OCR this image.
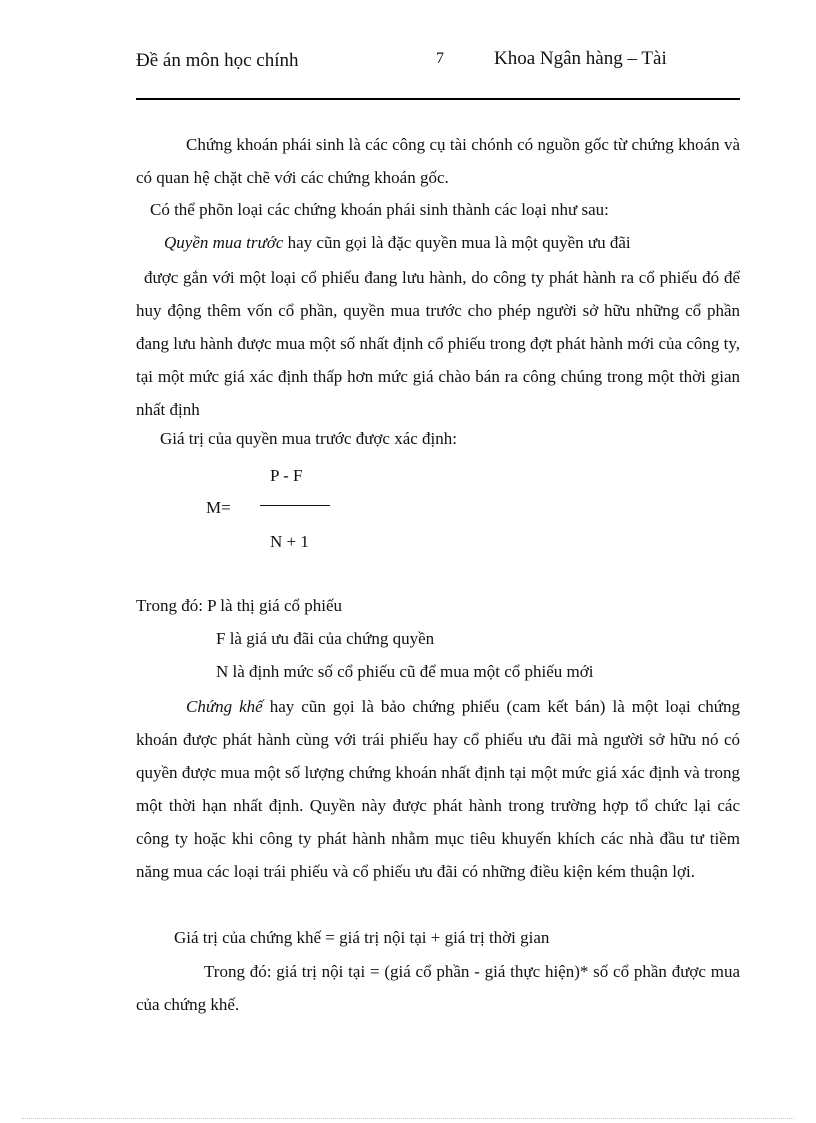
Đề án môn học chính	7	Khoa Ngân hàng – Tài
Chứng khoán phái sinh là các công cụ tài chónh có nguồn gốc từ chứng khoán và có quan hệ chặt chẽ với các chứng khoán gốc.
Có thể phõn loại các chứng khoán phái sinh thành các loại như sau:
Quyền mua trước hay cũn gọi là đặc quyền mua là một quyền ưu đãi
được gắn với một loại cổ phiếu đang lưu hành, do công ty phát hành ra cổ phiếu đó để huy động thêm vốn cổ phần, quyền mua trước cho phép người sở hữu những cổ phần đang lưu hành được mua một số nhất định cổ phiếu trong đợt phát hành mới của công ty, tại một mức giá xác định thấp hơn mức giá chào bán ra công chúng trong một thời gian nhất định
Giá trị của quyền mua trước được xác định:
M=
P - F
N + 1
Trong đó: P là thị giá cổ phiếu
F là giá ưu đãi của chứng quyền
N là định mức số cổ phiếu cũ để mua một cổ phiếu mới
Chứng khế hay cũn gọi là bảo chứng phiếu (cam kết bán) là một loại chứng khoán được phát hành cùng với trái phiếu hay cổ phiếu ưu đãi mà người sở hữu nó có quyền được mua một số lượng chứng khoán nhất định tại một mức giá xác định và trong một thời hạn nhất định. Quyền này được phát hành trong trường hợp tổ chức lại các công ty hoặc khi công ty phát hành nhằm mục tiêu khuyến khích các nhà đầu tư tiềm năng mua các loại trái phiếu và cổ phiếu ưu đãi có những điều kiện kém thuận lợi.
Giá trị của chứng khế = giá trị nội tại + giá trị thời gian
Trong đó: giá trị nội tại = (giá cổ phần - giá thực hiện)* số cổ phần được mua của chứng khế.
